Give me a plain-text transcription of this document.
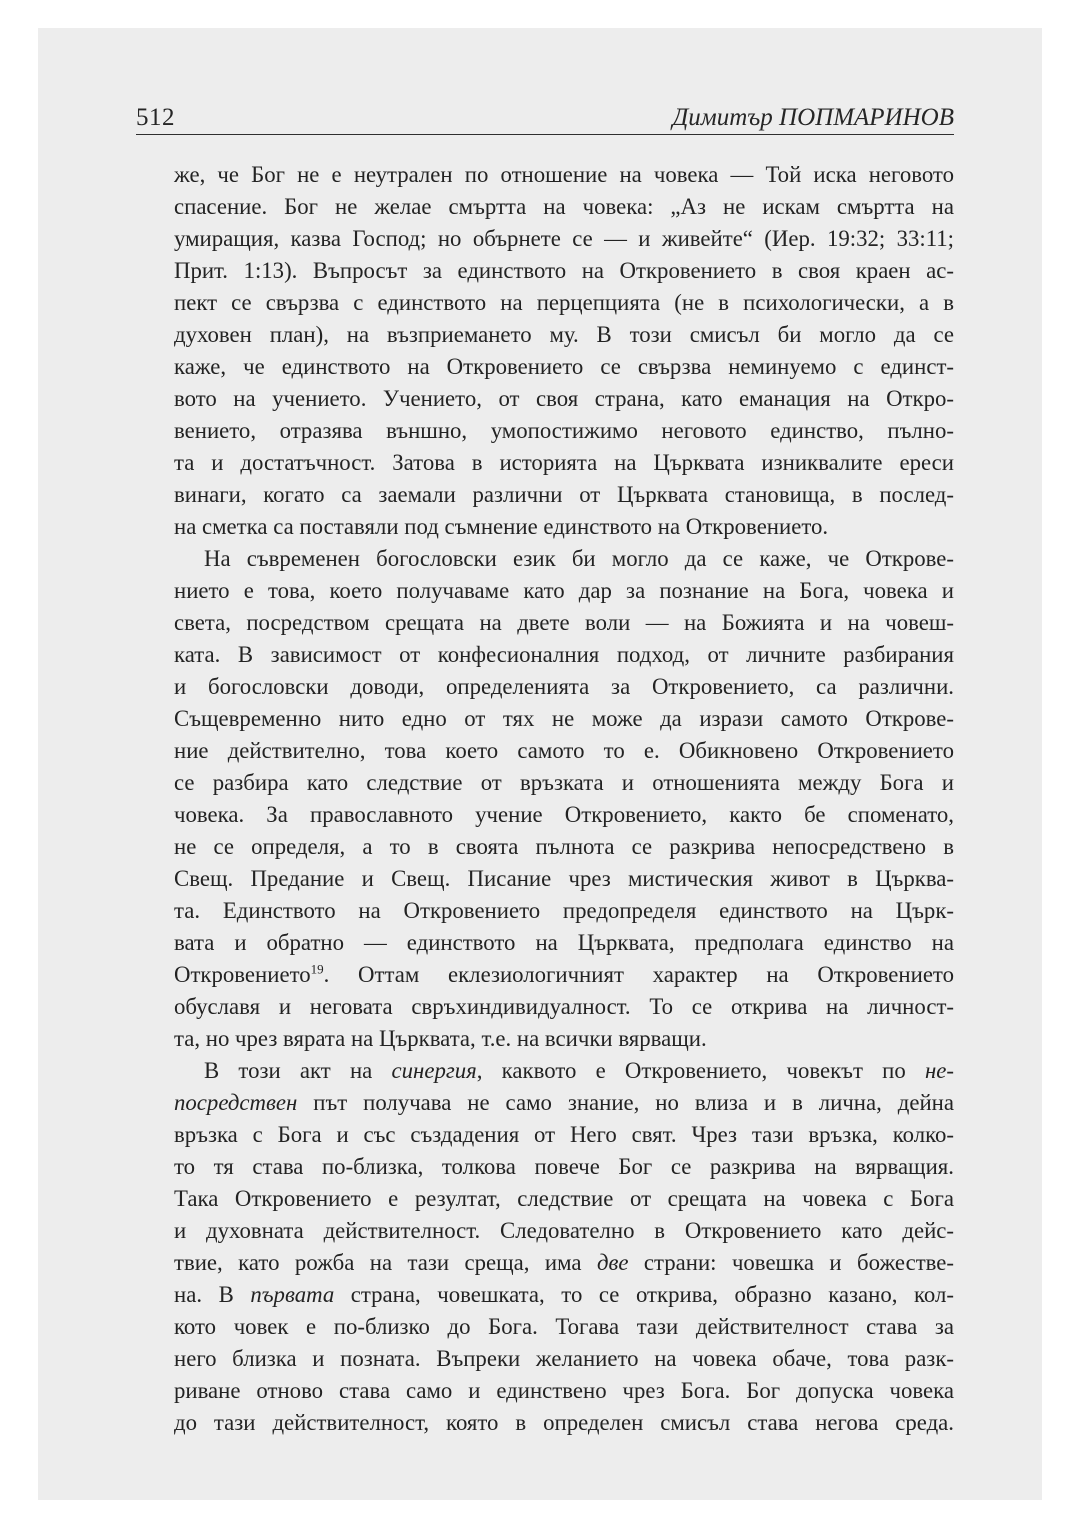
512	Димитър ПОПМАРИНОВ
же, че Бог не е неутрален по отношение на човека — Той иска неговото
спасение. Бог не желае смъртта на човека: „Аз не искам смъртта на
умиращия, казва Господ; но обърнете се — и живейте“ (Иер. 19:32; 33:11;
Прит. 1:13). Въпросът за единството на Откровението в своя краен ас-
пект се свързва с единството на перцепцията (не в психологически, а в
духовен план), на възприемането му. В този смисъл би могло да се
каже, че единството на Откровението се свързва неминуемо с единст-
вото на учението. Учението, от своя страна, като еманация на Откро-
вението, отразява външно, умопостижимо неговото единство, пълно-
та и достатъчност. Затова в историята на Църквата изниквалите ереси
винаги, когато са заемали различни от Църквата становища, в послед-
на сметка са поставяли под съмнение единството на Откровението.
На съвременен богословски език би могло да се каже, че Открове-
нието е това, което получаваме като дар за познание на Бога, човека и
света, посредством срещата на двете воли — на Божията и на човеш-
ката. В зависимост от конфесионалния подход, от личните разбирания
и богословски доводи, определенията за Откровението, са различни.
Същевременно нито едно от тях не може да изрази самото Открове-
ние действително, това което самото то е. Обикновено Откровението
се разбира като следствие от връзката и отношенията между Бога и
човека. За православното учение Откровението, както бе споменато,
не се определя, а то в своята пълнота се разкрива непосредствено в
Свещ. Предание и Свещ. Писание чрез мистическия живот в Църква-
та. Единството на Откровението предопределя единството на Църк-
вата и обратно — единството на Църквата, предполага единство на
Откровението$^{19}$. Оттам еклезиологичният характер на Откровението
обуславя и неговата свръхиндивидуалност. То се открива на личност-
та, но чрез вярата на Църквата, т.е. на всички вярващи.
В този акт на синергия, каквото е Откровението, човекът по не-
посредствен път получава не само знание, но влиза и в лична, дейна
връзка с Бога и със създадения от Него свят. Чрез тази връзка, колко-
то тя става по-близка, толкова повече Бог се разкрива на вярващия.
Така Откровението е резултат, следствие от срещата на човека с Бога
и духовната действителност. Следователно в Откровението като дейс-
твие, като рожба на тази среща, има две страни: човешка и божестве-
на. В първата страна, човешката, то се открива, образно казано, кол-
кото човек е по-близко до Бога. Тогава тази действителност става за
него близка и позната. Въпреки желанието на човека обаче, това разк-
риване отново става само и единствено чрез Бога. Бог допуска човека
до тази действителност, която в определен смисъл става негова среда.
